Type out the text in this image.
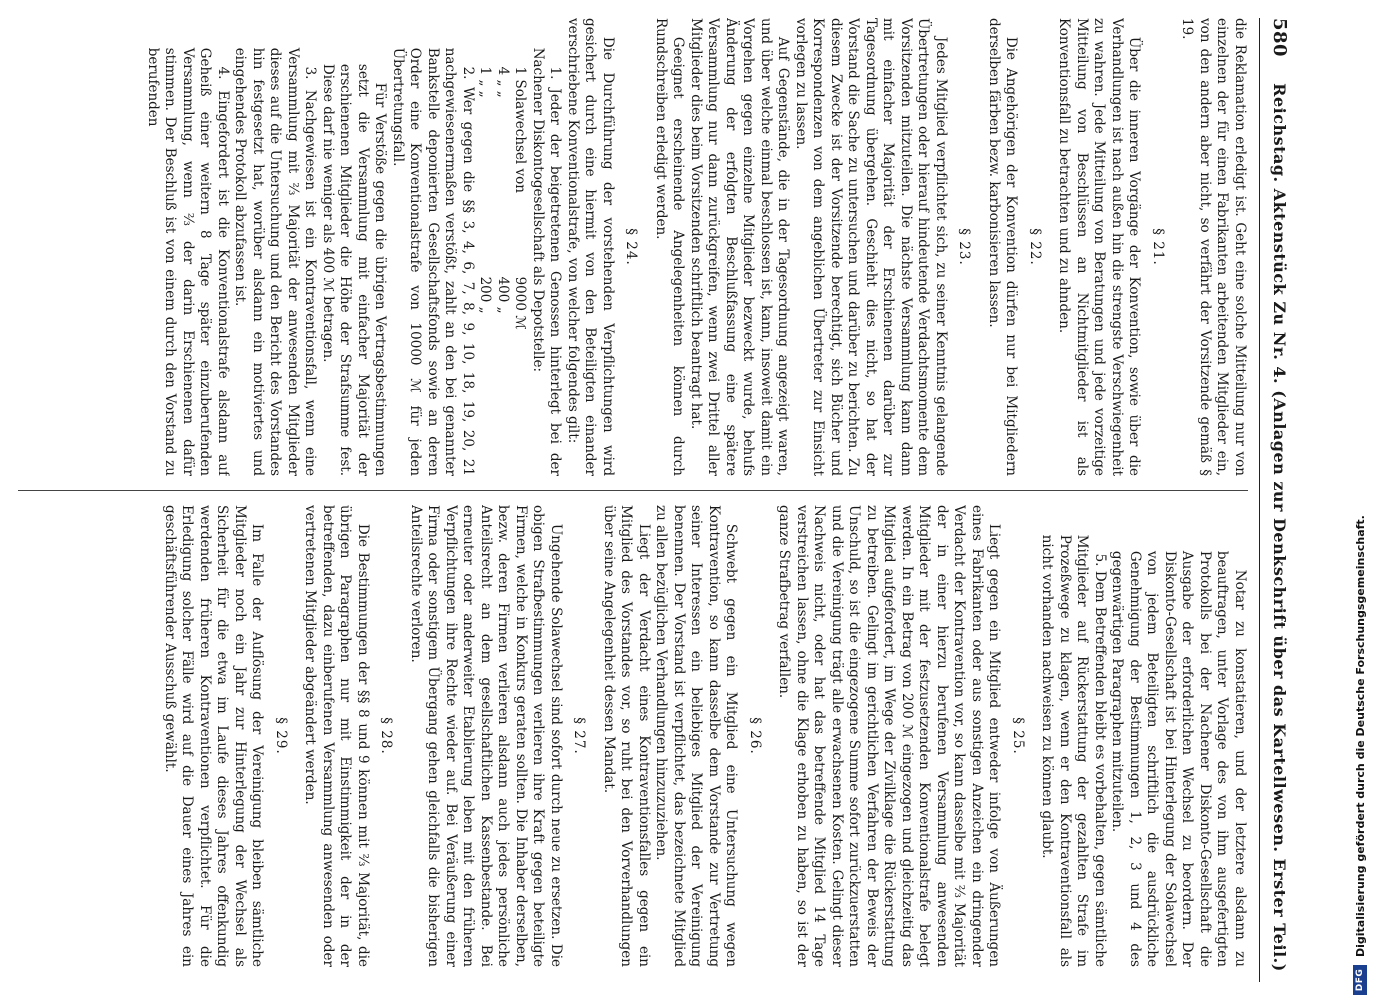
580 Reichstag. Aktenstück Zu Nr. 4. (Anlagen zur Denkschrift über das Kartellwesen. Erster Teil.)

die Reklamation erledigt ist. Geht eine solche Mitteilung nur von einzelnen der für einen Fabrikanten arbeitenden Mitglieder ein, von den andern aber nicht, so verfährt der Vorsitzende gemäß § 19.

§ 21.

Über die inneren Vorgänge der Konvention, sowie über die Verhandlungen ist nach außen hin die strengste Verschwiegenheit zu wahren. Jede Mitteilung von Beratungen und jede vorzeitige Mitteilung von Beschlüssen an Nichtmitglieder ist als Konventionsfall zu betrachten und zu ahnden.

§ 22.

Die Angehörigen der Konvention dürfen nur bei Mitgliedern derselben färben bezw. karbonisieren lassen.

§ 23.

Jedes Mitglied verpflichtet sich, zu seiner Kenntnis gelangende Übertretungen oder hierauf hindeutende Verdachtsmomente dem Vorsitzenden mitzuteilen. Die nächste Versammlung kann dann mit einfacher Majorität der Erschienenen darüber zur Tagesordnung übergehen. Geschieht dies nicht, so hat der Vorstand die Sache zu untersuchen und darüber zu berichten. Zu diesem Zwecke ist der Vorsitzende berechtigt, sich Bücher und Korrespondenzen von dem angeblichen Übertreter zur Einsicht vorlegen zu lassen.

Auf Gegenstände, die in der Tagesordnung angezeigt waren, und über welche einmal beschlossen ist, kann, insoweit damit ein Vorgehen gegen einzelne Mitglieder bezweckt wurde, behufs Änderung der erfolgten Beschlußfassung eine spätere Versammlung nur dann zurückgreifen, wenn zwei Drittel aller Mitglieder dies beim Vorsitzenden schriftlich beantragt hat.

Geeignet erscheinende Angelegenheiten können durch Rundschreiben erledigt werden.

§ 24.

Die Durchführung der vorstehenden Verpflichtungen wird gesichert durch eine hiermit von den Beteiligten einander verschriebene Konventionalstrafe, von welcher folgendes gilt:

1. Jeder der beigetretenen Genossen hinterlegt bei der Nachener Diskontogesellschaft als Depotstelle:

1 Solawechsel von
9000 ℳ
4 „ „
400 „
1 „ „
200 „

2. Wer gegen die §§ 3, 4, 6, 7, 8, 9, 10, 18, 19, 20, 21 nachgewiesenermaßen verstößt, zahlt an den bei genannter Bankstelle deponierten Gesellschaftsfonds sowie an deren Order eine Konventionalstrafe von 10000 ℳ für jeden Übertretungsfall.

Für Verstöße gegen die übrigen Vertragsbestimmungen setzt die Versammlung mit einfacher Majorität der erschienenen Mitglieder die Höhe der Strafsumme fest. Diese darf nie weniger als 400 ℳ betragen.

3. Nachgewiesen ist ein Kontraventionsfall, wenn eine Versammlung mit ²⁄₃ Majorität der anwesenden Mitglieder dieses auf die Untersuchung und den Bericht des Vorstandes hin festgesetzt hat, worüber alsdann ein motiviertes und eingehendes Protokoll abzufassen ist.

4. Eingefordert ist die Konventionalstrafe alsdann auf Geheiß einer weitern 8 Tage später einzuberufenden Versammlung, wenn ²⁄₃ der darin Erschienenen dafür stimmen. Der Beschluß ist von einem durch den Vorstand zu berufenden

Notar zu konstatieren, und der letztere alsdann zu beauftragen, unter Vorlage des von ihm ausgefertigten Protokolls bei der Nachener Diskonto-Gesellschaft die Ausgabe der erforderlichen Wechsel zu beordern. Der Diskonto-Gesellschaft ist bei Hinterlegung der Solawechsel von jedem Beteiligten schriftlich die ausdrückliche Genehmigung der Bestimmungen 1, 2, 3 und 4 des gegenwärtigen Paragraphen mitzuteilen.

5. Dem Betreffenden bleibt es vorbehalten, gegen sämtliche Mitglieder auf Rückerstattung der gezahlten Strafe im Prozeßwege zu klagen, wenn er den Kontraventionsfall als nicht vorhanden nachweisen zu können glaubt.

§ 25.

Liegt gegen ein Mitglied entweder infolge von Äußerungen eines Fabrikanten oder aus sonstigen Anzeichen ein dringender Verdacht der Kontravention vor, so kann dasselbe mit ²⁄₃ Majorität der in einer hierzu berufenen Versammlung anwesenden Mitglieder mit der festzusetzenden Konventionalstrafe belegt werden. In ein Betrag von 200 ℳ eingezogen und gleichzeitig das Mitglied aufgefordert, im Wege der Zivilklage die Rückerstattung zu betreiben. Gelingt im gerichtlichen Verfahren der Beweis der Unschuld, so ist die eingezogene Summe sofort zurückzuerstatten und die Vereinigung trägt alle erwachsenen Kosten. Gelingt dieser Nachweis nicht, oder hat das betreffende Mitglied 14 Tage verstreichen lassen, ohne die Klage erhoben zu haben, so ist der ganze Strafbetrag verfallen.

§ 26.

Schwebt gegen ein Mitglied eine Untersuchung wegen Kontravention, so kann dasselbe dem Vorstande zur Vertretung seiner Interessen ein beliebiges Mitglied der Vereinigung benennen. Der Vorstand ist verpflichtet, das bezeichnete Mitglied zu allen bezüglichen Verhandlungen hinzuzuziehen.

Liegt der Verdacht eines Kontraventionsfalles gegen ein Mitglied des Vorstandes vor, so ruht bei den Vorverhandlungen über seine Angelegenheit dessen Mandat.

§ 27.

Ungehende Solawechsel sind sofort durch neue zu ersetzen. Die obigen Strafbestimmungen verlieren ihre Kraft gegen beteiligte Firmen, welche in Konkurs geraten sollten. Die Inhaber derselben, bezw. deren Firmen verlieren alsdann auch jedes persönliche Anteilsrecht an dem gesellschaftlichen Kassenbestande. Bei erneuter oder anderweiter Etablierung leben mit den früheren Verpflichtungen ihre Rechte wieder auf. Bei Veräußerung einer Firma oder sonstigem Übergang gehen gleichfalls die bisherigen Anteilsrechte verloren.

§ 28.

Die Bestimmungen der §§ 8 und 9 können mit ²⁄₃ Majorität, die übrigen Paragraphen nur mit Einstimmigkeit der in der betreffenden, dazu einberufenen Versammlung anwesenden oder vertretenen Mitglieder abgeändert werden.

§ 29.

Im Falle der Auflösung der Vereinigung bleiben sämtliche Mitglieder noch ein Jahr zur Hinterlegung der Wechsel als Sicherheit für die etwa im Laufe dieses Jahres offenkundig werdenden früheren Kontraventionen verpflichtet. Für die Erledigung solcher Fälle wird auf die Dauer eines Jahres ein geschäftsführender Ausschuß gewählt.

DFG
Digitalisierung gefördert durch die Deutsche Forschungsgemeinschaft.
